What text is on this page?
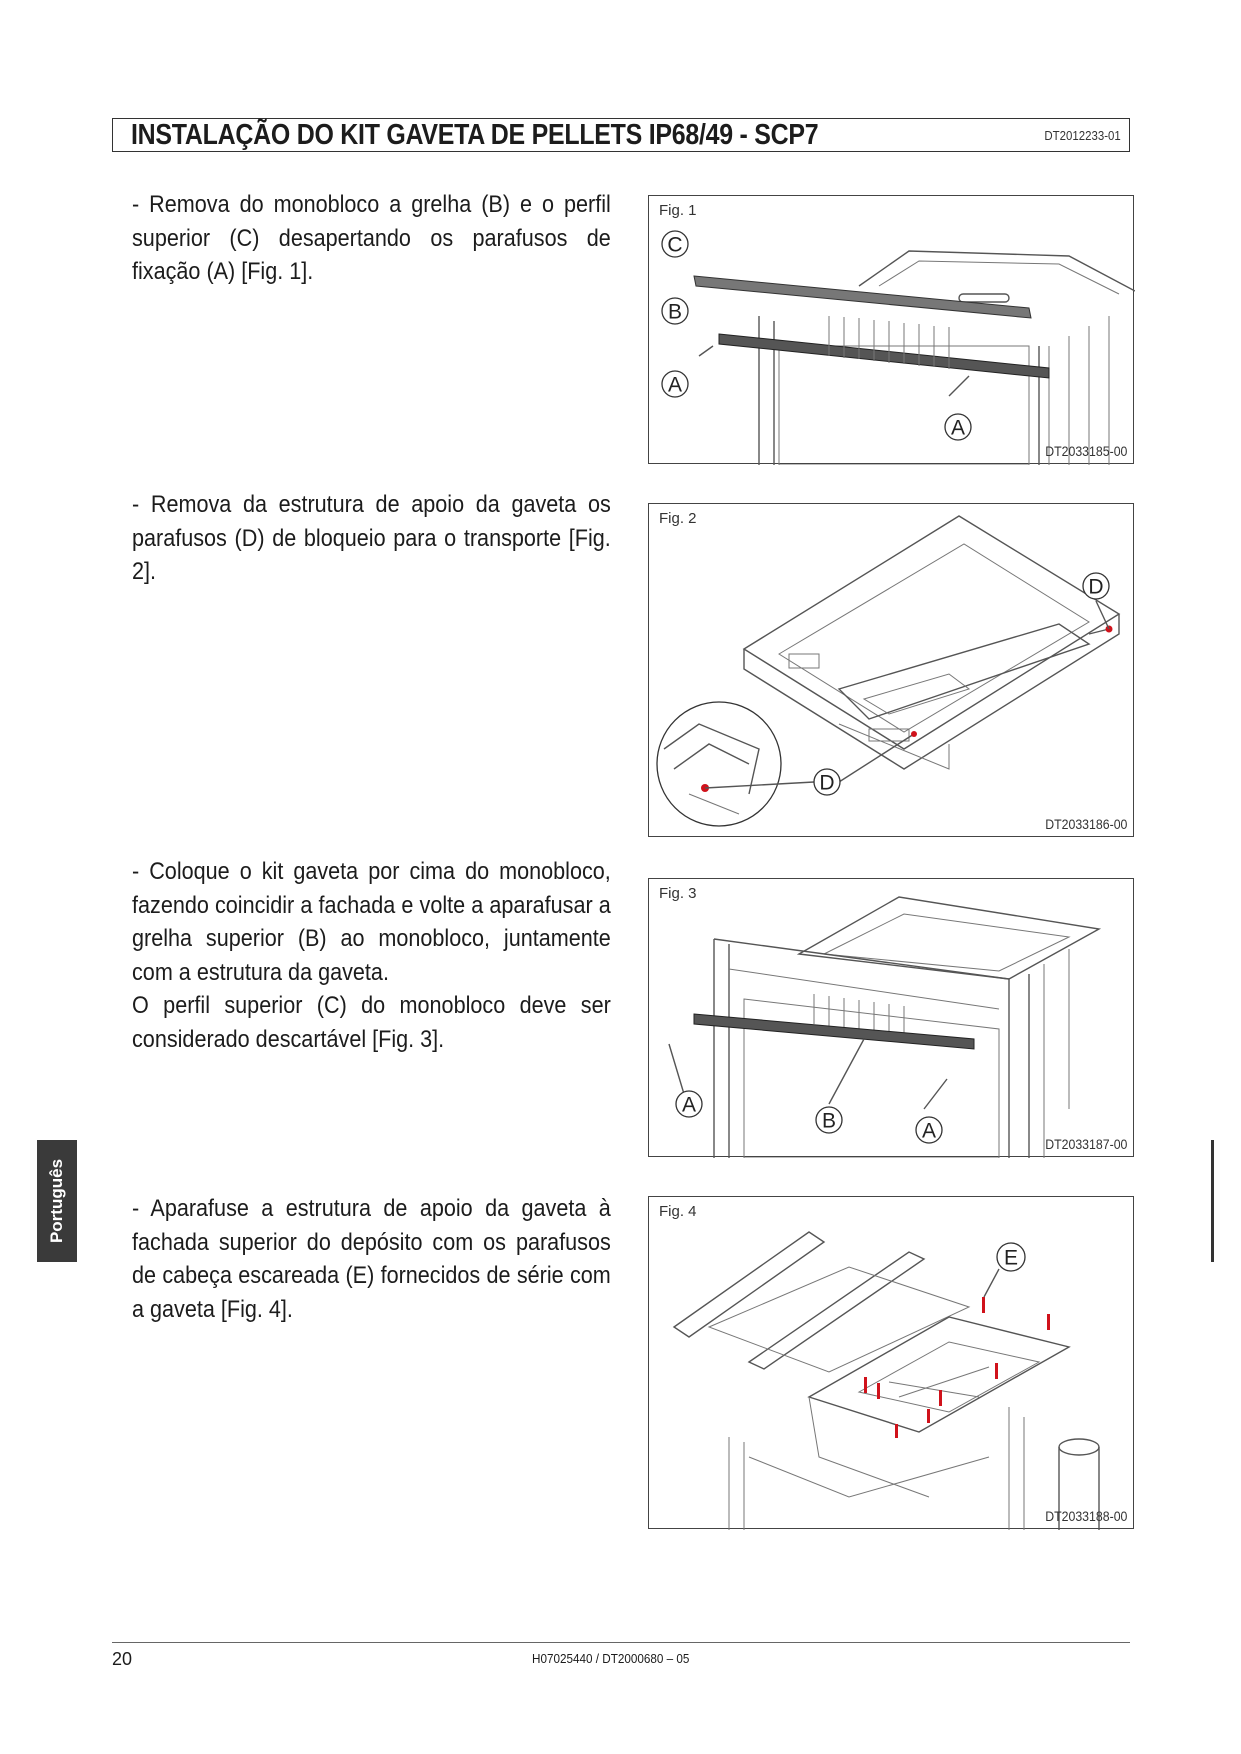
INSTALAÇÃO DO KIT GAVETA DE PELLETS IP68/49 - SCP7	DT2012233-01

- Remova do monobloco a grelha (B) e o perfil superior (C) desapertando os parafusos de fixação (A) [Fig. 1].

C
B
A
A
Fig. 1
DT2033185-00

- Remova da estrutura de apoio da gaveta os parafusos (D) de bloqueio para o transporte [Fig. 2].

D
D
Fig. 2
DT2033186-00

- Coloque o kit gaveta por cima do monobloco, fazendo coincidir a fachada e volte a aparafusar a grelha superior (B) ao monobloco, juntamente com a estrutura da gaveta.

O perfil superior (C) do monobloco deve ser considerado descartável [Fig. 3].

A
B	A
Fig. 3
DT2033187-00

- Aparafuse a estrutura de apoio da gaveta à fachada superior do depósito com os parafusos de cabeça escareada (E) fornecidos de série com a gaveta [Fig. 4].

E
Fig. 4
DT2033188-00
Português
20	H07025440 / DT2000680 – 05
